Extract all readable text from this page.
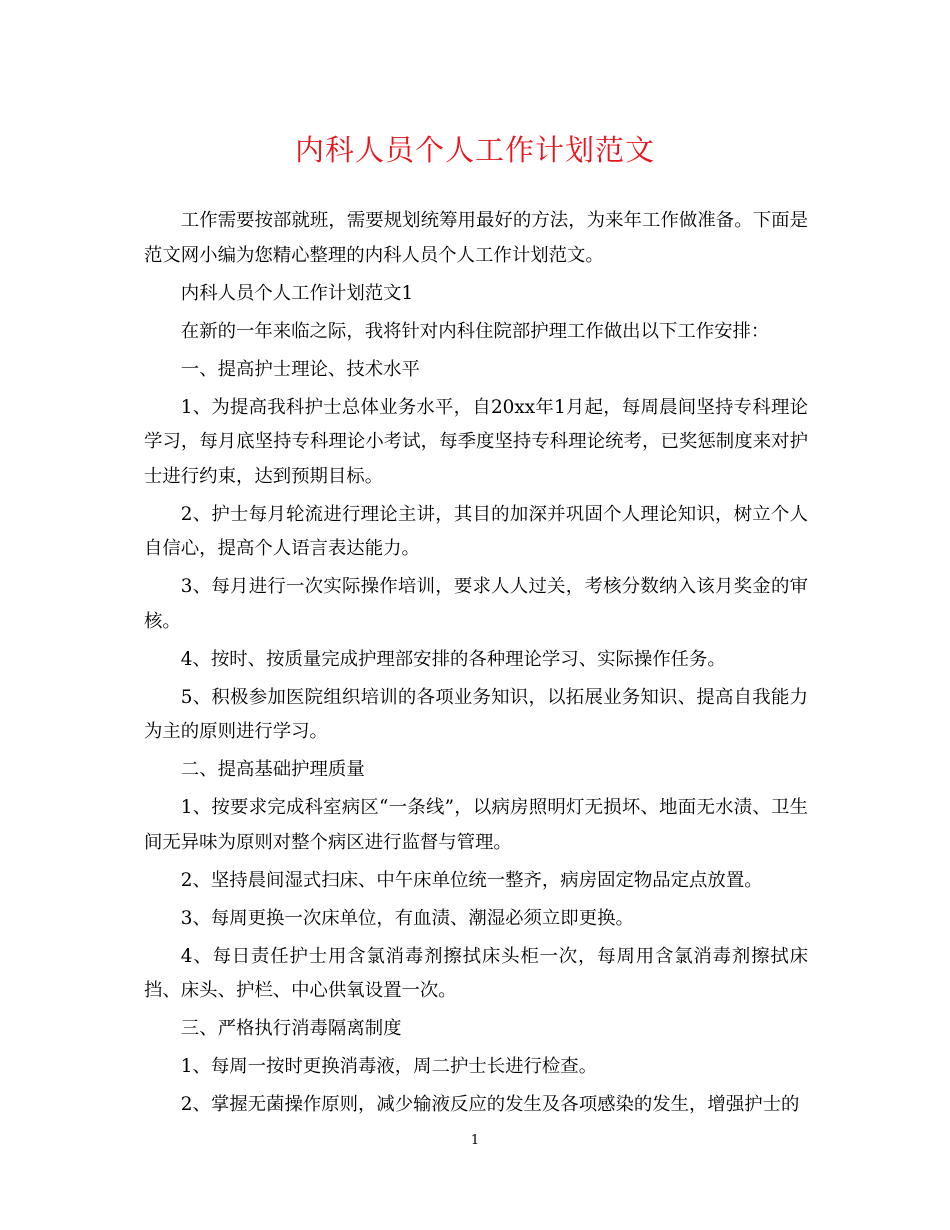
内科人员个人工作计划范文

工作需要按部就班，需要规划统筹用最好的方法，为来年工作做准备。下面是范文网小编为您精心整理的内科人员个人工作计划范文。

内科人员个人工作计划范文1

在新的一年来临之际，我将针对内科住院部护理工作做出以下工作安排：

一、提高护士理论、技术水平

1、为提高我科护士总体业务水平，自20xx年1月起，每周晨间坚持专科理论学习，每月底坚持专科理论小考试，每季度坚持专科理论统考，已奖惩制度来对护士进行约束，达到预期目标。

2、护士每月轮流进行理论主讲，其目的加深并巩固个人理论知识，树立个人自信心，提高个人语言表达能力。

3、每月进行一次实际操作培训，要求人人过关，考核分数纳入该月奖金的审核。

4、按时、按质量完成护理部安排的各种理论学习、实际操作任务。

5、积极参加医院组织培训的各项业务知识，以拓展业务知识、提高自我能力为主的原则进行学习。

二、提高基础护理质量

1、按要求完成科室病区“一条线”，以病房照明灯无损坏、地面无水渍、卫生间无异味为原则对整个病区进行监督与管理。

2、坚持晨间湿式扫床、中午床单位统一整齐，病房固定物品定点放置。

3、每周更换一次床单位，有血渍、潮湿必须立即更换。

4、每日责任护士用含氯消毒剂擦拭床头柜一次，每周用含氯消毒剂擦拭床挡、床头、护栏、中心供氧设置一次。

三、严格执行消毒隔离制度

1、每周一按时更换消毒液，周二护士长进行检查。

2、掌握无菌操作原则，减少输液反应的发生及各项感染的发生，增强护士的

1
